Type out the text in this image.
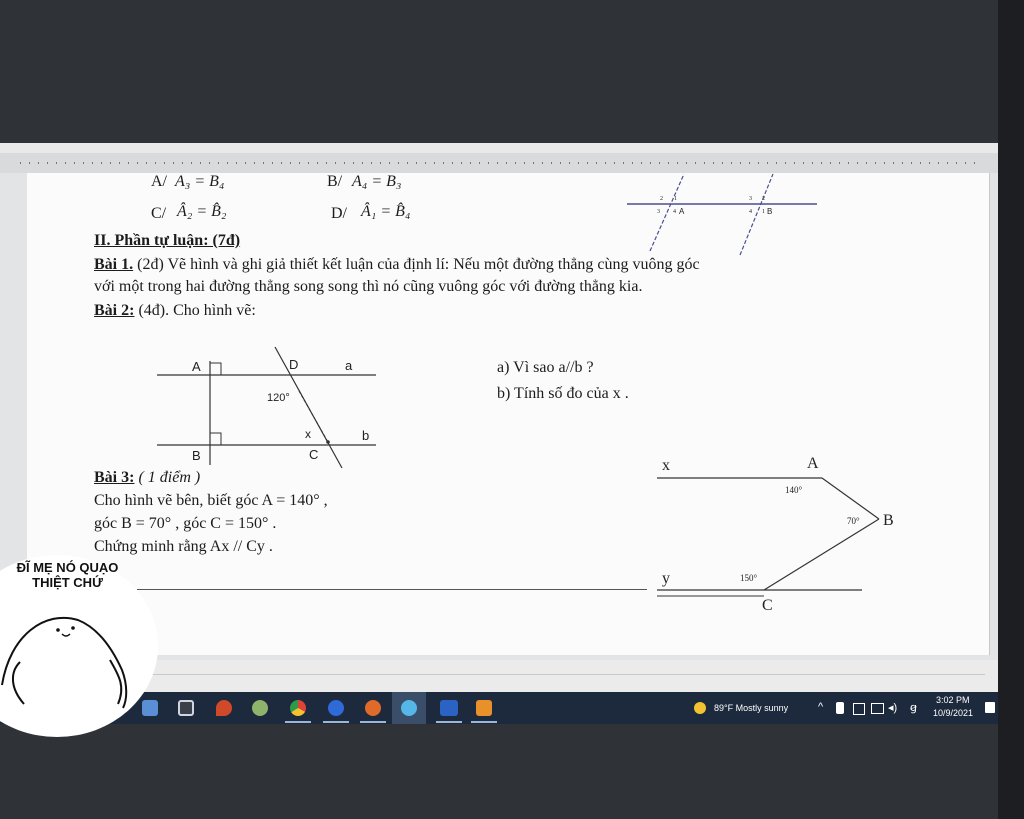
A/ A₃ = B₄	B/ A₄ = B₃
C/ Â₂ = B̂₂	D/ Â₁ = B̂₄	A	B
2 1
3 4
3 2
4 1
II. Phần tự luận: (7đ)
Bài 1. (2đ) Vẽ hình và ghi giả thiết kết luận của định lí: Nếu một đường thẳng cùng vuông góc
với một trong hai đường thẳng song song thì nó cũng vuông góc với đường thẳng kia.
Bài 2: (4đ). Cho hình vẽ:
A	D	a
120°
x	b
B	C
a) Vì sao a//b ?
b) Tính số đo của x .
Bài 3: ( 1 điểm )
Cho hình vẽ bên, biết góc A = 140° ,
góc B = 70° , góc C = 150° .
Chứng minh rằng Ax // Cy .
x	A
140°
70° B
y	150°
C
89°F Mostly sunny	^	◂) ꞡ
3:02 PM
10/9/2021
ĐĨ MẸ NÓ QUẠO THIỆT CHỨ
